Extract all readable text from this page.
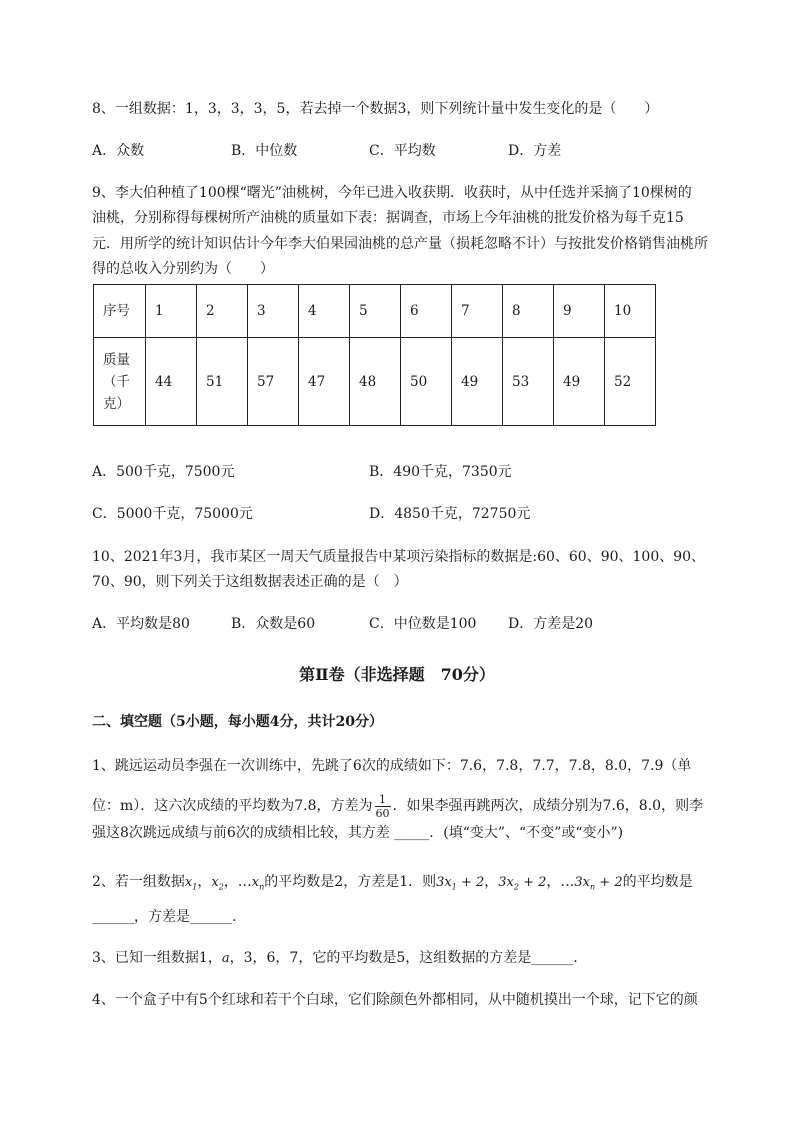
8、一组数据：1，3，3，3，5，若去掉一个数据3，则下列统计量中发生变化的是（　　）
A．众数	B．中位数	C．平均数	D．方差
9、李大伯种植了100棵“曙光”油桃树，今年已进入收获期．收获时，从中任选并采摘了10棵树的
油桃，分别称得每棵树所产油桃的质量如下表：据调查，市场上今年油桃的批发价格为每千克15
元．用所学的统计知识估计今年李大伯果园油桃的总产量（损耗忽略不计）与按批发价格销售油桃所
得的总收入分别约为（　　）
序号	1	2	3	4	5	6	7	8	9	10

质量
（千
克）	44	51	57	47	48	50	49	53	49	52
A．500千克，7500元	B．490千克，7350元
C．5000千克，75000元	D．4850千克，72750元
10、2021年3月，我市某区一周天气质量报告中某项污染指标的数据是:60、60、90、100、90、
70、90，则下列关于这组数据表述正确的是（　）
A．平均数是80	B．众数是60	C．中位数是100 D．方差是20
第Ⅱ卷（非选择题　70分）
二、填空题（5小题，每小题4分，共计20分）
1、跳远运动员李强在一次训练中，先跳了6次的成绩如下：7.6，7.8，7.7，7.8，8.0，7.9（单
位：m）．这六次成绩的平均数为7.8，方差为 $\frac{1}{60}$ ．如果李强再跳两次，成绩分别为7.6，8.0，则李
强这8次跳远成绩与前6次的成绩相比较，其方差 _____．(填“变大”、“不变”或“变小”)
2、若一组数据$x_1$，$x_2$，$\dots x_n$的平均数是2，方差是1．则$3x_1 + 2$，$3x_2 + 2$，$\dots 3x_n + 2$的平均数是
______，方差是______.
3、已知一组数据1，a，3，6，7，它的平均数是5，这组数据的方差是______.
4、一个盒子中有5个红球和若干个白球，它们除颜色外都相同，从中随机摸出一个球，记下它的颜
